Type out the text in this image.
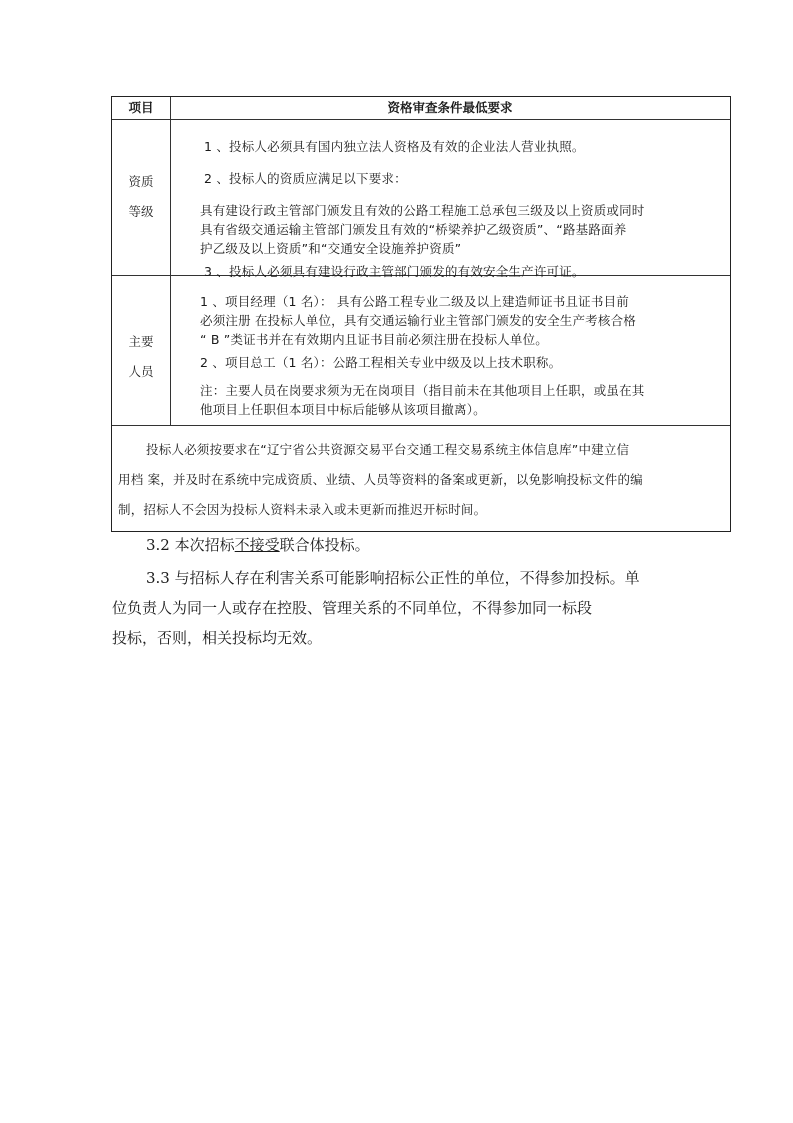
项目	资格审查条件最低要求
资质
等级
1 、投标人必须具有国内独立法人资格及有效的企业法人营业执照。
2 、投标人的资质应满足以下要求：
具有建设行政主管部门颁发且有效的公路工程施工总承包三级及以上资质或同时
具有省级交通运输主管部门颁发且有效的“桥梁养护乙级资质”、“路基路面养
护乙级及以上资质”和“交通安全设施养护资质”
3 、投标人必须具有建设行政主管部门颁发的有效安全生产许可证。
主要
人员
1 、项目经理（1 名）： 具有公路工程专业二级及以上建造师证书且证书目前
必须注册 在投标人单位，具有交通运输行业主管部门颁发的安全生产考核合格
“ B ”类证书并在有效期内且证书目前必须注册在投标人单位。
2 、项目总工（1 名）：公路工程相关专业中级及以上技术职称。
注：主要人员在岗要求须为无在岗项目（指目前未在其他项目上任职，或虽在其
他项目上任职但本项目中标后能够从该项目撤离）。
投标人必须按要求在“辽宁省公共资源交易平台交通工程交易系统主体信息库”中建立信
用档 案，并及时在系统中完成资质、业绩、人员等资料的备案或更新，以免影响投标文件的编
制，招标人不会因为投标人资料未录入或未更新而推迟开标时间。
3.2 本次招标不接受联合体投标。
3.3 与招标人存在利害关系可能影响招标公正性的单位，不得参加投标。单
位负责人为同一人或存在控股、管理关系的不同单位，不得参加同一标段
投标，否则，相关投标均无效。
